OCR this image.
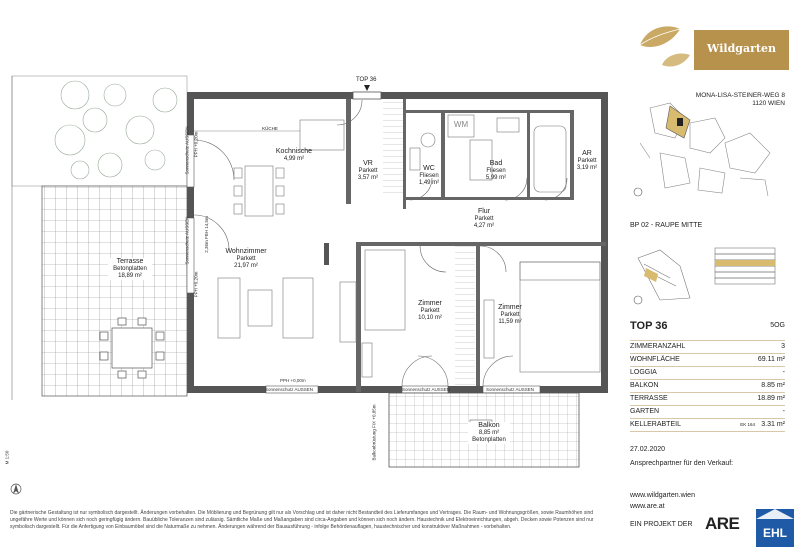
TOP 36
KÜCHE
Kochnische
4,99 m²
VR
Parkett
3,57 m²
WC
Fliesen
1,49 m²
WM
Bad
Fliesen
5,99 m²
AR
Parkett
3,19 m²
Flur
Parkett
4,27 m²
Wohnzimmer
Parkett
21,97 m²
Zimmer
Parkett
10,10 m²
Zimmer
Parkett
11,59 m²
Terrasse
Betonplatten
18,89 m²
Balkon
8,85 m²
Betonplatten
Sonnenschutz AUSSEN	Sonnenschutz AUSSEN	Sonnenschutz AUSSEN
Sonnenschutz AUSSEN
Sonnenschutz AUSSEN
PPH +0,00m
PPH +0,20m
PPH +0,20m
2,36m FBH 14,5m
Balkonbrüstung FIX +0,85m
M 1:50
Die gärtnerische Gestaltung ist nur symbolisch dargestellt. Änderungen vorbehalten. Die Möblierung und Begrünung gilt nur als Vorschlag und ist daher nicht Bestandteil des Lieferumfanges und Vertrages. Die Raum- und Wohnungsgrößen, sowie Raumhöhen sind ungefähre Werte und können sich noch geringfügig ändern. Bauübliche Toleranzen sind zulässig. Sämtliche Maße und Maßangaben sind circa-Angaben und können sich noch ändern. Haustechnik und Elektroeinrichtungen, abgeh. Decken sowie Potenzen sind nur symbolisch dargestellt. Für die Anfertigung von Einbaumöbel sind die Naturmaße zu nehmen. Änderungen während der Bauausführung - infolge Behördenauflagen, haustechnischer und konstruktiver Maßnahmen - vorbehalten.
Wildgarten
MONA-LISA-STEINER-WEG 8
1120 WIEN
BP 02 - RAUPE MITTE
TOP 36	5OG
ZIMMERANZAHL	3
WOHNFLÄCHE	69.11 m²
LOGGIA	-
BALKON	8.85 m²
TERRASSE	18.89 m²
GARTEN	-
KELLERABTEIL	EK 164 3.31 m²
27.02.2020
Ansprechpartner für den Verkauf:
www.wildgarten.wien
www.are.at
EIN PROJEKT DER ARE	EHL
